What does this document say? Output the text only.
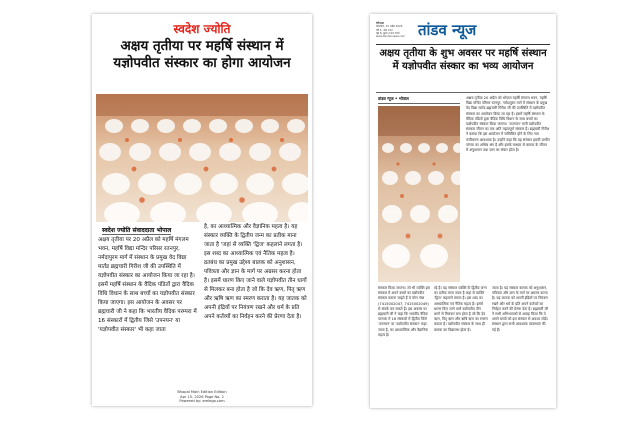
स्वदेश ज्योति
अक्षय तृतीया पर महर्षि संस्थान में यज्ञोपवीत संस्कार का होगा आयोजन
स्वदेश ज्योति संवाददाता भोपाल

अक्षय तृतीया पर 20 अप्रैल को महर्षि मंगलम भवन, महर्षि विद्या मन्दिर परिसर रतनपुर, नर्मदापुरम मार्ग में संस्थान के प्रमुख वेद विद्या मार्तंड ब्रह्मचारी गिरीश जी की उपस्थिति में यज्ञोपवीत संस्कार का आयोजन किया जा रहा है। इसमें महर्षि संस्थान के वैदिक पंडितों द्वारा वैदिक विधि विधान के साथ बच्चों का यज्ञोपवीत संस्कार किया जाएगा। इस आयोजन के अवसर पर ब्रह्मचारी जी ने कहा कि भारतीय वैदिक परम्परा में 16 संस्कारों में द्वितीय जिसे 'उपनयन' या 'यज्ञोपवीत संस्कार' भी कहा जाता

है, का आध्यात्मिक और वैज्ञानिक महत्व है। यह संस्कार व्यक्ति के द्वितीय जन्म का प्रतीक माना जाता है 'जहां से व्यक्ति 'द्विज' कहलाने लगता है। इस शब्द का आध्यात्मिक एवं नैतिक महत्व है। व्रतबंध का प्रमुख उद्देश्य बालक को अनुशासन, पवित्रता और ज्ञान के मार्ग पर अग्रसर करना होता है। इसमें धारण किए जाने वाले यज्ञोपवीत तीन धागों से मिलकर बना होता है जो कि देव ऋण, पितृ ऋण और ऋषि ऋण का स्मरण कराता है। यह जातक को अपनी इंद्रियों पर नियंत्रण रखने और धर्म के प्रति अपने कर्तव्यों का निर्वहन करने की प्रेरणा देता है।

Bhopal Main Edition Edition
Apr 15, 2026 Page No. 2
Powered by: erelego.com
भोपाल
मंगलवार, 15 अप्रैल 2026
वर्ष 5, अंक 152
पृष्ठ 8, मूल्य 2.00 रुपये
www.tandavnews.com तांडव न्यूज
अक्षय तृतीया के शुभ अवसर पर महर्षि संस्थान में यज्ञोपवीत संस्कार का भव्य आयोजन
तांडव न्यूज • भोपाल	अक्षय तृतीया 20 अप्रैल को भोपाल महर्षि मंगलम भवन, महर्षि विद्या मन्दिर परिसर रतनपुर, नर्मदापुरम मार्ग में संस्थान के प्रमुख वेद विद्या मार्तंड ब्रह्मचारी गिरीश जी की उपस्थिति में यज्ञोपवीत संस्कार का आयोजन किया जा रहा है। इसमें महर्षि संस्थान के वैदिक पंडितों द्वारा वैदिक विधि विधान के साथ बच्चों का यज्ञोपवीत संस्कार किया जाएगा। 'उपनयन' यानी यज्ञोपवीत संस्कार जीवन का एक अति महत्वपूर्ण संस्कार है। ब्रह्मचारी गिरीश ने बताया कि इस आयोजन में सम्मिलित होने के लिए नाम पंजीकरण आवश्यक है। उन्होंने कहा कि यह संस्कार हमारी प्राचीन परंपरा का अभिन्न अंग है और इसके माध्यम से बालक के जीवन में अनुशासन तथा ज्ञान का संचार होता है।

संस्कार किया जाएगा। जो भी व्यक्ति इस संस्कार में अपने बच्चों का यज्ञोपवीत संस्कार कराना चाहते हैं वे फोन नंबर (7415002047, 7415002049) से संपर्क कर सकते हैं। इस अवसर पर ब्रह्मचारी जी ने कहा कि भारतीय वैदिक परम्परा में 16 संस्कारों में द्वितीय जिसे 'उपनयन' या 'यज्ञोपवीत संस्कार' कहा जाता है, का आध्यात्मिक और वैज्ञानिक महत्व है।

रहे हैं। यह संस्कार व्यक्ति के द्वितीय जन्म का प्रतीक माना जाता है जहां से व्यक्ति 'द्विज' कहलाने लगता है। इस शब्द का आध्यात्मिक एवं नैतिक महत्व है। इसमें धारण किए जाने वाले यज्ञोपवीत तीन धागों से मिलकर बना होता है जो कि देव ऋण, पितृ ऋण और ऋषि ऋण का स्मरण कराता है। यज्ञोपवीत संस्कार के साथ ही बालक का विद्यारम्भ होता है।

जाता है। यह संस्कार बालक को अनुशासन, पवित्रता और ज्ञान के मार्ग पर अग्रसर करता है। यह जातक को अपनी इंद्रियों पर नियंत्रण रखने और धर्म के प्रति अपने कर्तव्यों का निर्वहन करने की प्रेरणा देता है। ब्रह्मचारी जी ने सभी अभिभावकों से आग्रह किया कि वे अपने बच्चों को इस संस्कार से अवश्य जोड़ें। संस्थान द्वारा सभी आवश्यक व्यवस्थाएं की गई हैं।
